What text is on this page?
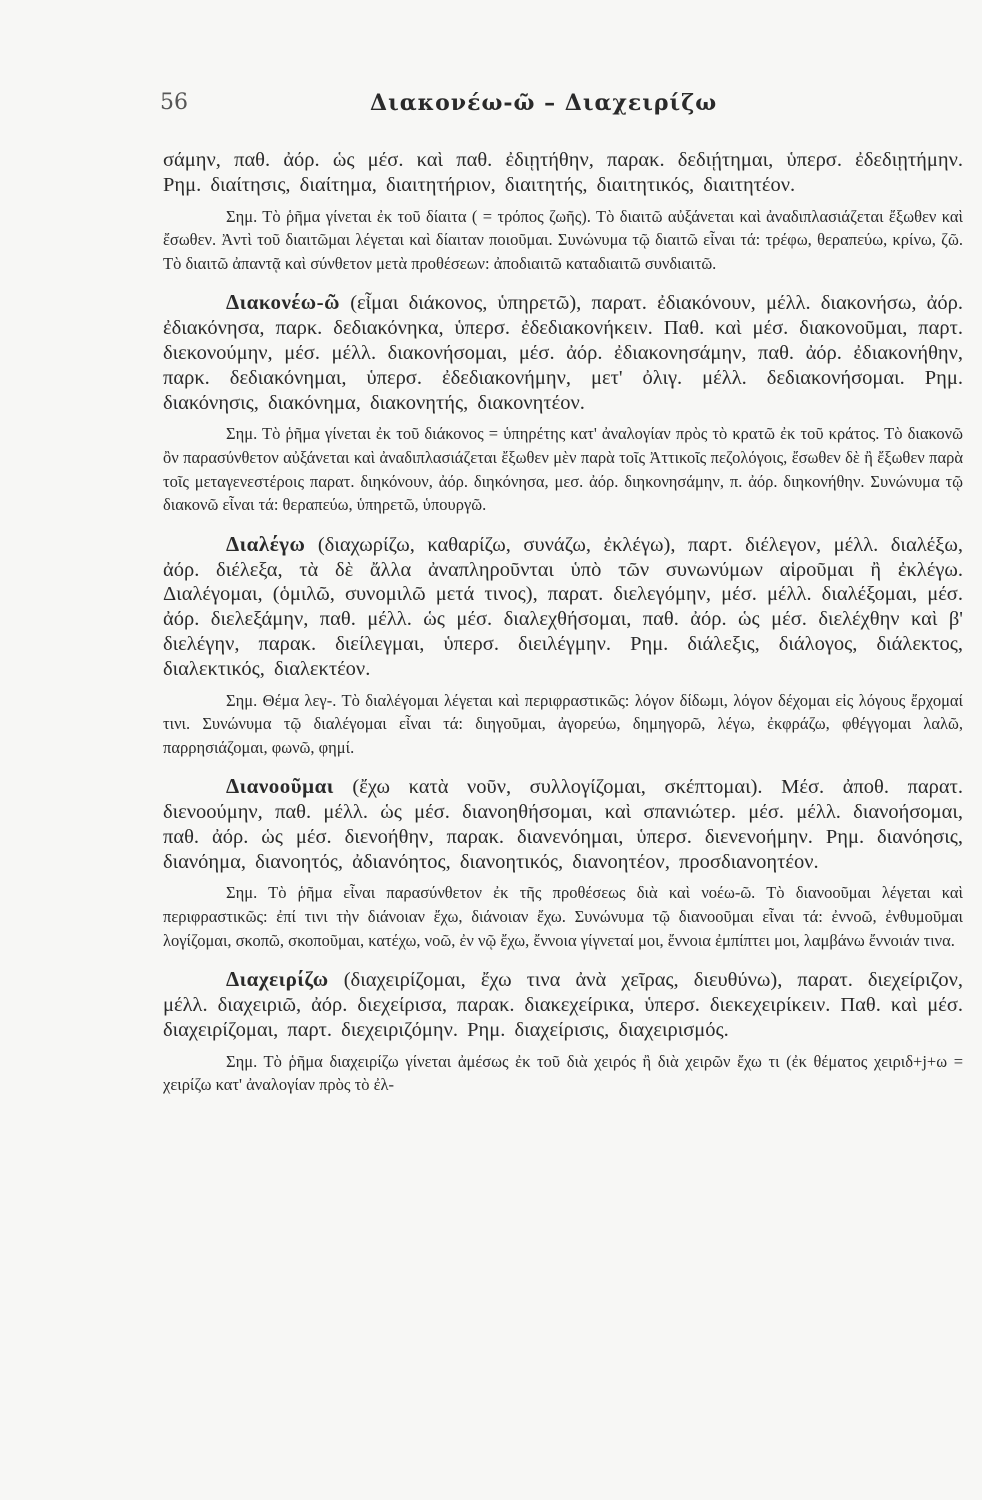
56	Διακονέω-ῶ – Διαχειρίζω

σάμην, παθ. ἀόρ. ὡς μέσ. καὶ παθ. ἐδιῃτήθην, παρακ. δεδιῄτημαι, ὑπερσ. ἐδεδιῃτήμην. Ρημ. διαίτησις, διαίτημα, διαιτητήριον, διαιτητής, διαιτητικός, διαιτητέον.

Σημ. Τὸ ῥῆμα γίνεται ἐκ τοῦ δίαιτα ( = τρόπος ζωῆς). Τὸ διαιτῶ αὐξάνεται καὶ ἀναδιπλασιάζεται ἔξωθεν καὶ ἔσωθεν. Ἀντὶ τοῦ διαιτῶμαι λέγεται καὶ δίαιταν ποιοῦμαι. Συνώνυμα τῷ διαιτῶ εἶναι τά: τρέφω, θεραπεύω, κρίνω, ζῶ. Τὸ διαιτῶ ἀπαντᾷ καὶ σύνθετον μετὰ προθέσεων: ἀποδιαιτῶ καταδιαιτῶ συνδιαιτῶ.

Διακονέω-ῶ (εἶμαι διάκονος, ὑπηρετῶ), παρατ. ἐδιακόνουν, μέλλ. διακονήσω, ἀόρ. ἐδιακόνησα, παρκ. δεδιακόνηκα, ὑπερσ. ἐδεδιακονήκειν. Παθ. καὶ μέσ. διακονοῦμαι, παρτ. διεκονούμην, μέσ. μέλλ. διακονήσομαι, μέσ. ἀόρ. ἐδιακονησάμην, παθ. ἀόρ. ἐδιακονήθην, παρκ. δεδιακόνημαι, ὑπερσ. ἐδεδιακονήμην, μετ' ὀλιγ. μέλλ. δεδιακονήσομαι. Ρημ. διακόνησις, διακόνημα, διακονητής, διακονητέον.

Σημ. Τὸ ῥῆμα γίνεται ἐκ τοῦ διάκονος = ὑπηρέτης κατ' ἀναλογίαν πρὸς τὸ κρατῶ ἐκ τοῦ κράτος. Τὸ διακονῶ ὂν παρασύνθετον αὐξάνεται καὶ ἀναδιπλασιάζεται ἔξωθεν μὲν παρὰ τοῖς Ἀττικοῖς πεζολόγοις, ἔσωθεν δὲ ἢ ἔξωθεν παρὰ τοῖς μεταγενεστέροις παρατ. διηκόνουν, ἀόρ. διηκόνησα, μεσ. ἀόρ. διηκονησάμην, π. ἀόρ. διηκονήθην. Συνώνυμα τῷ διακονῶ εἶναι τά: θεραπεύω, ὑπηρετῶ, ὑπουργῶ.

Διαλέγω (διαχωρίζω, καθαρίζω, συνάζω, ἐκλέγω), παρτ. διέλεγον, μέλλ. διαλέξω, ἀόρ. διέλεξα, τὰ δὲ ἄλλα ἀναπληροῦνται ὑπὸ τῶν συνωνύμων αἱροῦμαι ἢ ἐκλέγω. Διαλέγομαι, (ὁμιλῶ, συνομιλῶ μετά τινος), παρατ. διελεγόμην, μέσ. μέλλ. διαλέξομαι, μέσ. ἀόρ. διελεξάμην, παθ. μέλλ. ὡς μέσ. διαλεχθήσομαι, παθ. ἀόρ. ὡς μέσ. διελέχθην καὶ β' διελέγην, παρακ. διείλεγμαι, ὑπερσ. διειλέγμην. Ρημ. διάλεξις, διάλογος, διάλεκτος, διαλεκτικός, διαλεκτέον.

Σημ. Θέμα λεγ-. Τὸ διαλέγομαι λέγεται καὶ περιφραστικῶς: λόγον δίδωμι, λόγον δέχομαι εἰς λόγους ἔρχομαί τινι. Συνώνυμα τῷ διαλέγομαι εἶναι τά: διηγοῦμαι, ἀγορεύω, δημηγορῶ, λέγω, ἐκφράζω, φθέγγομαι λαλῶ, παρρησιάζομαι, φωνῶ, φημί.

Διανοοῦμαι (ἔχω κατὰ νοῦν, συλλογίζομαι, σκέπτομαι). Μέσ. ἀποθ. παρατ. διενοούμην, παθ. μέλλ. ὡς μέσ. διανοηθήσομαι, καὶ σπανιώτερ. μέσ. μέλλ. διανοήσομαι, παθ. ἀόρ. ὡς μέσ. διενοήθην, παρακ. διανενόημαι, ὑπερσ. διενενοήμην. Ρημ. διανόησις, διανόημα, διανοητός, ἀδιανόητος, διανοητικός, διανοητέον, προσδιανοητέον.

Σημ. Τὸ ῥῆμα εἶναι παρασύνθετον ἐκ τῆς προθέσεως διὰ καὶ νοέω-ῶ. Τὸ διανοοῦμαι λέγεται καὶ περιφραστικῶς: ἐπί τινι τὴν διάνοιαν ἔχω, διάνοιαν ἔχω. Συνώνυμα τῷ διανοοῦμαι εἶναι τά: ἐννοῶ, ἐνθυμοῦμαι λογίζομαι, σκοπῶ, σκοποῦμαι, κατέχω, νοῶ, ἐν νῷ ἔχω, ἔννοια γίγνεταί μοι, ἔννοια ἐμπίπτει μοι, λαμβάνω ἔννοιάν τινα.

Διαχειρίζω (διαχειρίζομαι, ἔχω τινα ἀνὰ χεῖρας, διευθύνω), παρατ. διεχείριζον, μέλλ. διαχειριῶ, ἀόρ. διεχείρισα, παρακ. διακεχείρικα, ὑπερσ. διεκεχειρίκειν. Παθ. καὶ μέσ. διαχειρίζομαι, παρτ. διεχειριζόμην. Ρημ. διαχείρισις, διαχειρισμός.

Σημ. Τὸ ῥῆμα διαχειρίζω γίνεται ἀμέσως ἐκ τοῦ διὰ χειρός ἢ διὰ χειρῶν ἔχω τι (ἐκ θέματος χειριδ+j+ω = χειρίζω κατ' ἀναλογίαν πρὸς τὸ ἐλ-
